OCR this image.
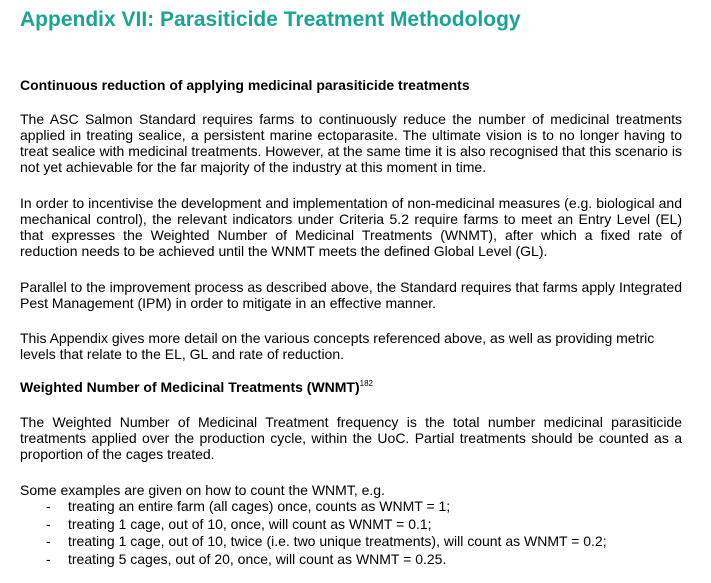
Appendix VII: Parasiticide Treatment Methodology
Continuous reduction of applying medicinal parasiticide treatments

The ASC Salmon Standard requires farms to continuously reduce the number of medicinal treatments applied in treating sealice, a persistent marine ectoparasite. The ultimate vision is to no longer having to treat sealice with medicinal treatments. However, at the same time it is also recognised that this scenario is not yet achievable for the far majority of the industry at this moment in time.

In order to incentivise the development and implementation of non-medicinal measures (e.g. biological and mechanical control), the relevant indicators under Criteria 5.2 require farms to meet an Entry Level (EL) that expresses the Weighted Number of Medicinal Treatments (WNMT), after which a fixed rate of reduction needs to be achieved until the WNMT meets the defined Global Level (GL).

Parallel to the improvement process as described above, the Standard requires that farms apply Integrated Pest Management (IPM) in order to mitigate in an effective manner.

This Appendix gives more detail on the various concepts referenced above, as well as providing metric levels that relate to the EL, GL and rate of reduction.

Weighted Number of Medicinal Treatments (WNMT)$^{182}$

The Weighted Number of Medicinal Treatment frequency is the total number medicinal parasiticide treatments applied over the production cycle, within the UoC. Partial treatments should be counted as a proportion of the cages treated.

Some examples are given on how to count the WNMT, e.g.

- treating an entire farm (all cages) once, counts as WNMT = 1;
- treating 1 cage, out of 10, once, will count as WNMT = 0.1;
- treating 1 cage, out of 10, twice (i.e. two unique treatments), will count as WNMT = 0.2;
- treating 5 cages, out of 20, once, will count as WNMT = 0.25.
